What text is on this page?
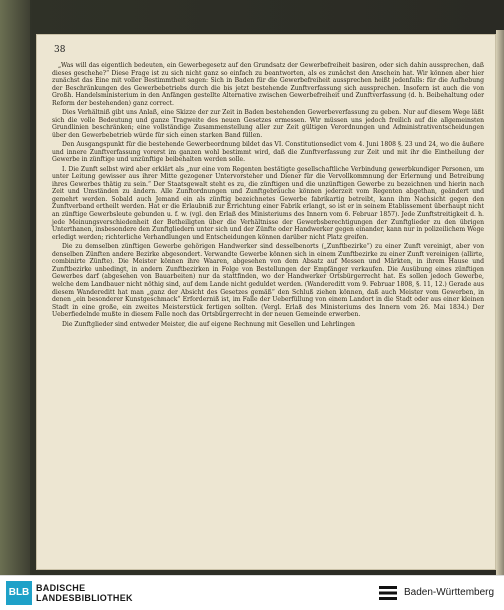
38

„Was will das eigentlich bedeuten, ein Gewerbegesetz auf den Grundsatz der Gewerbefreiheit basiren, oder sich dahin aussprechen, daß dieses geschehe?“ Diese Frage ist zu sich nicht ganz so einfach zu beantworten, als es zunächst den Anschein hat. Wir können aber hier zunächst das Eine mit voller Bestimmtheit sagen: Sich in Baden für die Gewerbefreiheit aussprechen heißt jedenfalls: für die Aufhebung der Beschränkungen des Gewerbebetriebs durch die bis jetzt bestehende Zunftverfassung sich aussprechen. Insofern ist auch die von Großh. Handelsministerium in den Anfängen gestellte Alternative zwischen Gewerbefreiheit und Zunftverfassung (d. h. Beibehaltung oder Reform der bestehenden) ganz correct.

Dies Verhältniß gibt uns Anlaß, eine Skizze der zur Zeit in Baden bestehenden Gewerbeverfassung zu geben. Nur auf diesem Wege läßt sich die volle Bedeutung und ganze Tragweite des neuen Gesetzes ermessen. Wir müssen uns jedoch freilich auf die allgemeinsten Grundlinien beschränken; eine vollständige Zusammenstellung aller zur Zeit gültigen Verordnungen und Administrativentscheidungen über den Gewerbebetrieb würde für sich einen starken Band füllen.

Den Ausgangspunkt für die bestehende Gewerbeordnung bildet das VI. Constitutionsedict vom 4. Juni 1808 §. 23 und 24, wo die äußere und innere Zunftverfassung vorerst im ganzen wohl bestimmt wird, daß die Zunftverfassung zur Zeit und mit ihr die Eintheilung der Gewerbe in zünftige und unzünftige beibehalten werden solle.

I. Die Zunft selbst wird aber erklärt als „nur eine vom Regenten bestätigte gesellschaftliche Verbindung gewerbkundiger Personen, um unter Leitung gewisser aus ihrer Mitte gezogener Untervorsteher und Diener für die Vervollkommnung der Erlernung und Betreibung ihres Gewerbes thätig zu sein.“ Der Staatsgewalt steht es zu, die zünftigen und die unzünftigen Gewerbe zu bezeichnen und hierin nach Zeit und Umständen zu ändern. Alle Zunftordnungen und Zunftgebräuche können jederzeit vom Regenten abgethan, geändert und gemehrt werden. Sobald auch Jemand ein als zünftig bezeichnetes Gewerbe fabrikartig betreibt, kann ihm Nachsicht gegen den Zunftverband ertheilt werden. Hat er die Erlaubniß zur Errichtung einer Fabrik erlangt, so ist er in seinem Etablissement überhaupt nicht an zünftige Gewerbsleute gebunden u. f. w. (vgl. den Erlaß des Ministeriums des Innern vom 6. Februar 1857). Jede Zunftstreitigkeit d. h. jede Meinungsverschiedenheit der Betheiligten über die Verhältnisse der Gewerbsberechtigungen der Zunftglieder zu den übrigen Unterthanen, insbesondere den Zunftgliedern unter sich und der Zünfte oder Handwerker gegen einander, kann nur in polizeilichem Wege erledigt werden; richterliche Verhandlungen und Entscheidungen können darüber nicht Platz greifen.

Die zu demselben zünftigen Gewerbe gehörigen Handwerker sind desselbenorts („Zunftbezirke“) zu einer Zunft vereinigt, aber von denselben Zünften andere Bezirke abgesondert. Verwandte Gewerbe können sich in einem Zunftbezirke zu einer Zunft vereinigen (allirte, combinirte Zünfte). Die Meister können ihre Waaren, abgesehen von dem Absatz auf Messen und Märkten, in ihrem Hause und Zunftbezirke unbedingt, in andern Zunftbezirken in Folge von Bestellungen der Empfänger verkaufen. Die Ausübung eines zünftigen Gewerbes darf (abgesehen von Bauarbeiten) nur da stattfinden, wo der Handwerker Ortsbürgerrecht hat. Es sollen jedoch Gewerbe, welche dem Landbauer nicht nöthig sind, auf dem Lande nicht geduldet werden. (Wandereditt vom 9. Februar 1808, §. 11, 12.) Gerade aus diesem Wandereditt hat man „ganz der Absicht des Gesetzes gemäß“ den Schluß ziehen können, daß auch Meister vom Gewerben, in denen „ein besonderer Kunstgeschmack“ Erforderniß ist, im Falle der Ueberfüllung von einem Landort in die Stadt oder aus einer kleinen Stadt in eine große, ein zweites Meisterstück fertigen sollten. (Vergl. Erlaß des Ministeriums des Innern vom 26. Mai 1834.) Der Ueberfiedelnde mußte in diesem Falle noch das Ortsbürgerrecht in der neuen Gemeinde erwerben.

Die Zunftglieder sind entweder Meister, die auf eigene Rechnung mit Gesellen und Lehrlingen

BLB BADISCHE
LANDESBIBLIOTHEK	Baden-Württemberg
